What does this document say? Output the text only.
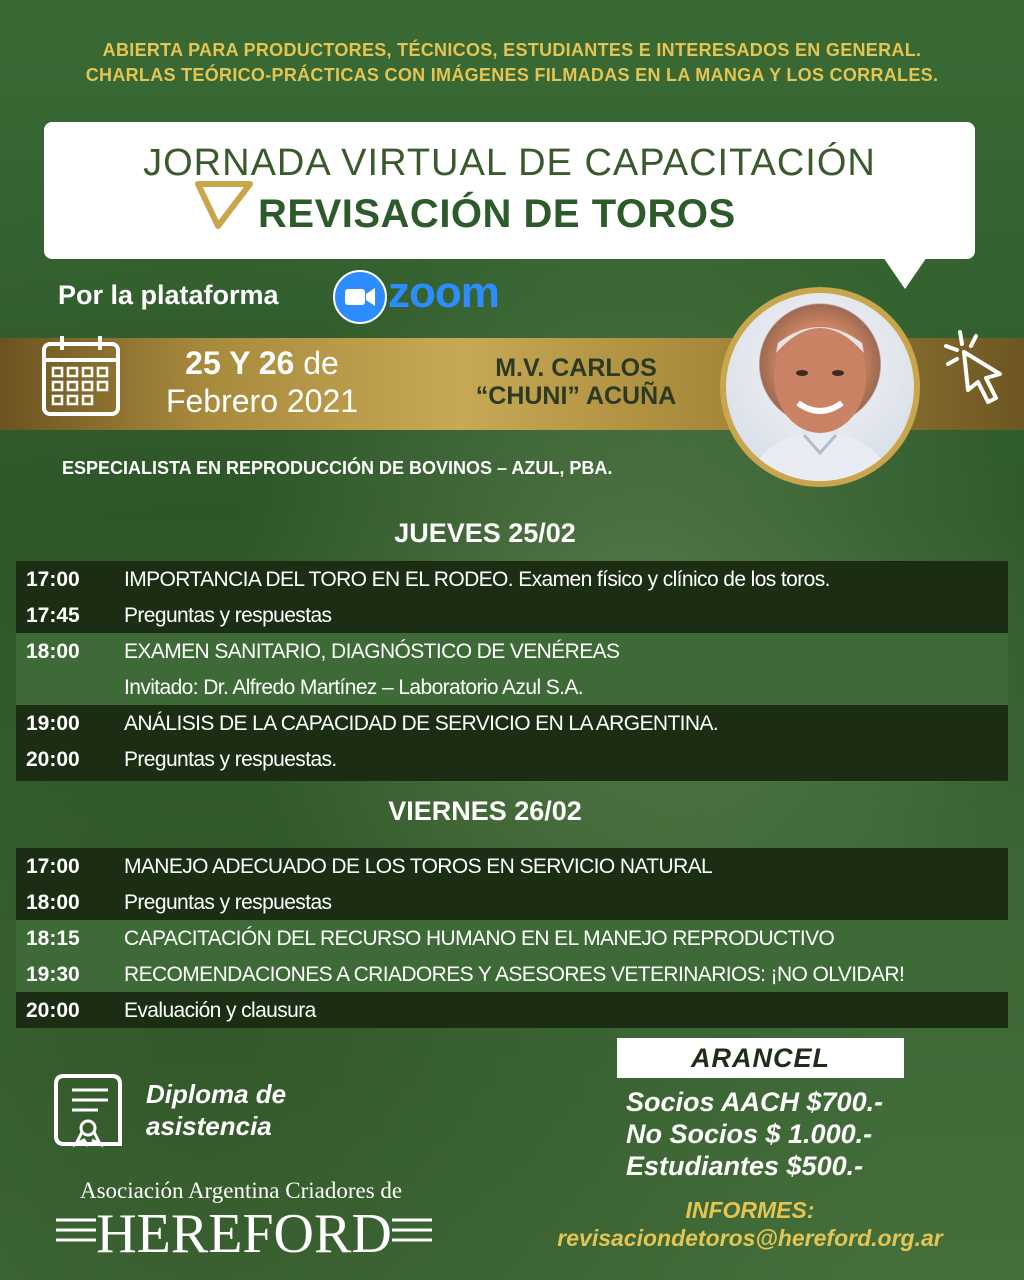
ABIERTA PARA PRODUCTORES, TÉCNICOS, ESTUDIANTES E INTERESADOS EN GENERAL.
CHARLAS TEÓRICO-PRÁCTICAS CON IMÁGENES FILMADAS EN LA MANGA Y LOS CORRALES.
JORNADA VIRTUAL DE CAPACITACIÓN
REVISACIÓN DE TOROS
Por la plataforma zoom
25 Y 26 de
Febrero 2021
M.V. CARLOS
“CHUNI” ACUÑA
ESPECIALISTA EN REPRODUCCIÓN DE BOVINOS – AZUL, PBA.
JUEVES 25/02
17:00 IMPORTANCIA DEL TORO EN EL RODEO. Examen físico y clínico de los toros.
17:45 Preguntas y respuestas
18:00 EXAMEN SANITARIO, DIAGNÓSTICO DE VENÉREAS
Invitado: Dr. Alfredo Martínez – Laboratorio Azul S.A.
19:00 ANÁLISIS DE LA CAPACIDAD DE SERVICIO EN LA ARGENTINA.
20:00 Preguntas y respuestas.
VIERNES 26/02
17:00 MANEJO ADECUADO DE LOS TOROS EN SERVICIO NATURAL
18:00 Preguntas y respuestas
18:15 CAPACITACIÓN DEL RECURSO HUMANO EN EL MANEJO REPRODUCTIVO
19:30 RECOMENDACIONES A CRIADORES Y ASESORES VETERINARIOS: ¡NO OLVIDAR!
20:00 Evaluación y clausura
Diploma de
asistencia
ARANCEL
Socios AACH $700.-
No Socios $ 1.000.-
Estudiantes $500.-
INFORMES:
revisaciondetoros@hereford.org.ar
Asociación Argentina Criadores de
HEREFORD
